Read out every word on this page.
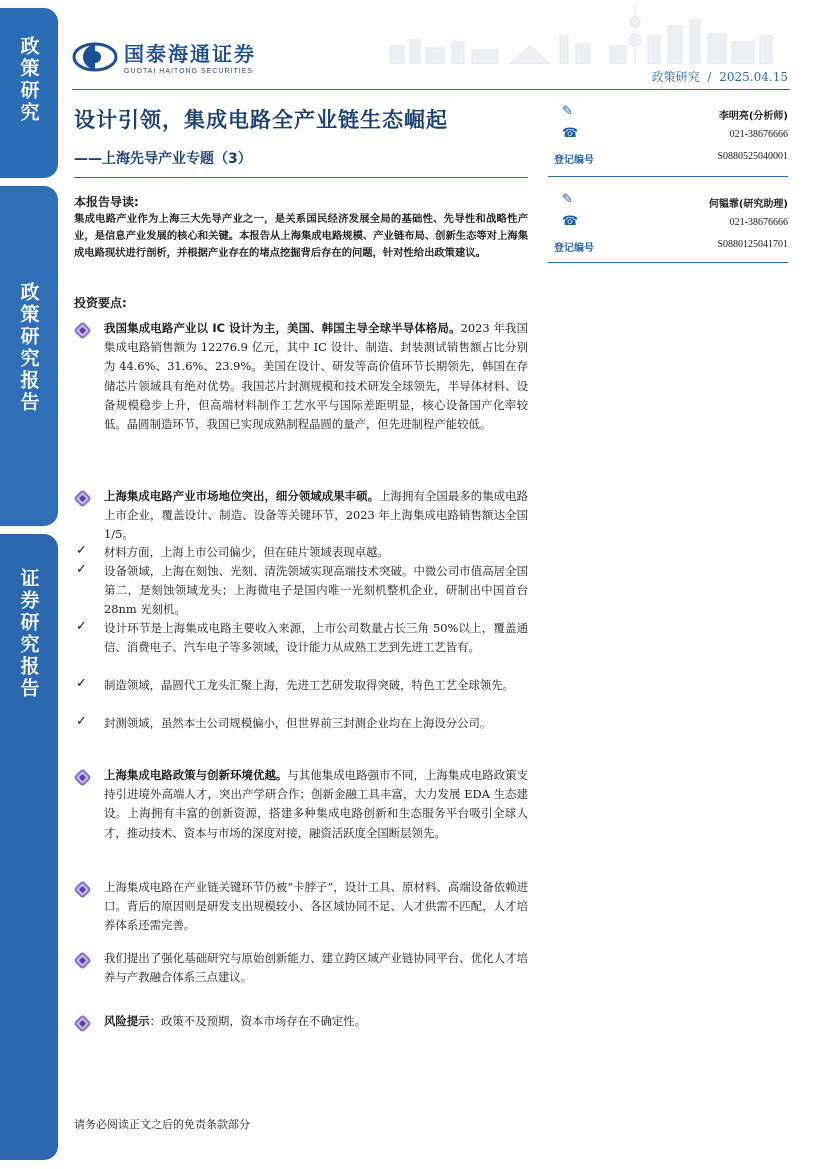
政策研究
政策研究报告
证券研究报告
国泰海通证券
GUOTAI HAITONG SECURITIES	政策研究 / 2025.04.15
设计引领，集成电路全产业链生态崛起
——上海先导产业专题（3）
✎	李明亮(分析师)
☎	021-38676666
登记编号	S0880525040001
✎	何韫霏(研究助理)
☎	021-38676666
登记编号	S0880125041701
本报告导读:
集成电路产业作为上海三大先导产业之一，是关系国民经济发展全局的基础性、先导性和战略性产业，是信息产业发展的核心和关键。本报告从上海集成电路规模、产业链布局、创新生态等对上海集成电路现状进行剖析，并根据产业存在的堵点挖掘背后存在的问题，针对性给出政策建议。
投资要点:
我国集成电路产业以 IC 设计为主，美国、韩国主导全球半导体格局。2023 年我国集成电路销售额为 12276.9 亿元，其中 IC 设计、制造、封装测试销售额占比分别为 44.6%、31.6%、23.9%。美国在设计、研发等高价值环节长期领先，韩国在存储芯片领域具有绝对优势。我国芯片封测规模和技术研发全球领先，半导体材料、设备规模稳步上升，但高端材料制作工艺水平与国际差距明显，核心设备国产化率较低。晶圆制造环节，我国已实现成熟制程晶圆的量产，但先进制程产能较低。
上海集成电路产业市场地位突出，细分领域成果丰硕。上海拥有全国最多的集成电路上市企业，覆盖设计、制造、设备等关键环节，2023 年上海集成电路销售额达全国 1/5。
✓ 材料方面，上海上市公司偏少，但在硅片领域表现卓越。
✓ 设备领域，上海在刻蚀、光刻、清洗领域实现高端技术突破。中微公司市值高居全国第二，是刻蚀领域龙头；上海微电子是国内唯一光刻机整机企业，研制出中国首台 28nm 光刻机。
✓ 设计环节是上海集成电路主要收入来源，上市公司数量占长三角 50%以上，覆盖通信、消费电子、汽车电子等多领域，设计能力从成熟工艺到先进工艺皆有。
✓ 制造领域，晶圆代工龙头汇聚上海，先进工艺研发取得突破，特色工艺全球领先。
✓ 封测领域，虽然本土公司规模偏小，但世界前三封测企业均在上海设分公司。
上海集成电路政策与创新环境优越。与其他集成电路强市不同，上海集成电路政策支持引进境外高端人才，突出产学研合作；创新金融工具丰富，大力发展 EDA 生态建设。上海拥有丰富的创新资源，搭建多种集成电路创新和生态服务平台吸引全球人才，推动技术、资本与市场的深度对接，融资活跃度全国断层领先。
上海集成电路在产业链关键环节仍被“卡脖子”，设计工具、原材料、高端设备依赖进口。背后的原因则是研发支出规模较小、各区域协同不足、人才供需不匹配，人才培养体系还需完善。
我们提出了强化基础研究与原始创新能力、建立跨区域产业链协同平台、优化人才培养与产教融合体系三点建议。
风险提示：政策不及预期，资本市场存在不确定性。
请务必阅读正文之后的免责条款部分
